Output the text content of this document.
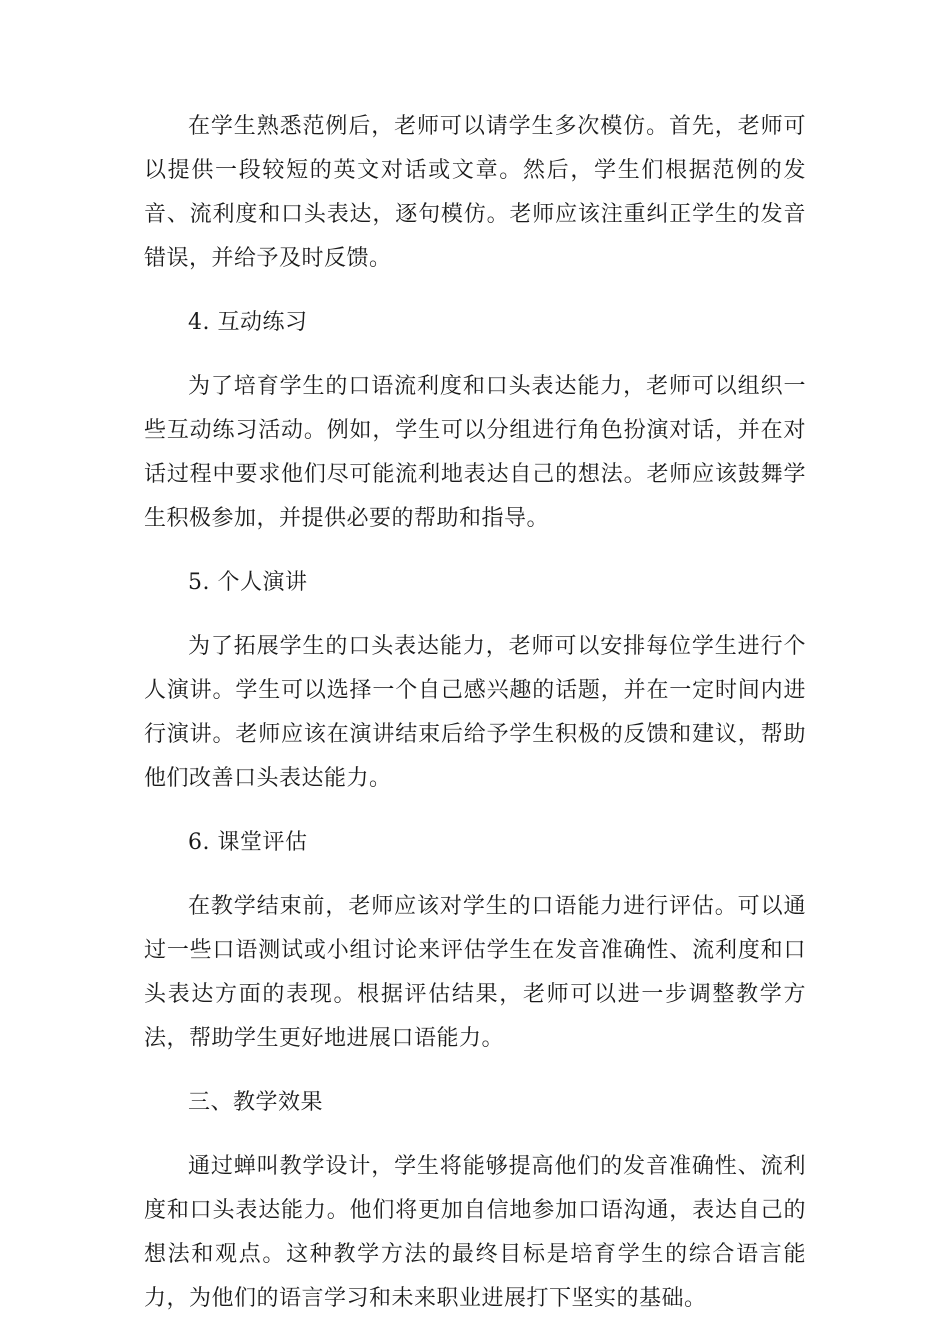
在学生熟悉范例后，老师可以请学生多次模仿。首先，老师可以提供一段较短的英文对话或文章。然后，学生们根据范例的发音、流利度和口头表达，逐句模仿。老师应该注重纠正学生的发音错误，并给予及时反馈。

4. 互动练习

为了培育学生的口语流利度和口头表达能力，老师可以组织一些互动练习活动。例如，学生可以分组进行角色扮演对话，并在对话过程中要求他们尽可能流利地表达自己的想法。老师应该鼓舞学生积极参加，并提供必要的帮助和指导。

5. 个人演讲

为了拓展学生的口头表达能力，老师可以安排每位学生进行个人演讲。学生可以选择一个自己感兴趣的话题，并在一定时间内进行演讲。老师应该在演讲结束后给予学生积极的反馈和建议，帮助他们改善口头表达能力。

6. 课堂评估

在教学结束前，老师应该对学生的口语能力进行评估。可以通过一些口语测试或小组讨论来评估学生在发音准确性、流利度和口头表达方面的表现。根据评估结果，老师可以进一步调整教学方法，帮助学生更好地进展口语能力。

三、教学效果

通过蝉叫教学设计，学生将能够提高他们的发音准确性、流利度和口头表达能力。他们将更加自信地参加口语沟通，表达自己的想法和观点。这种教学方法的最终目标是培育学生的综合语言能力，为他们的语言学习和未来职业进展打下坚实的基础。
